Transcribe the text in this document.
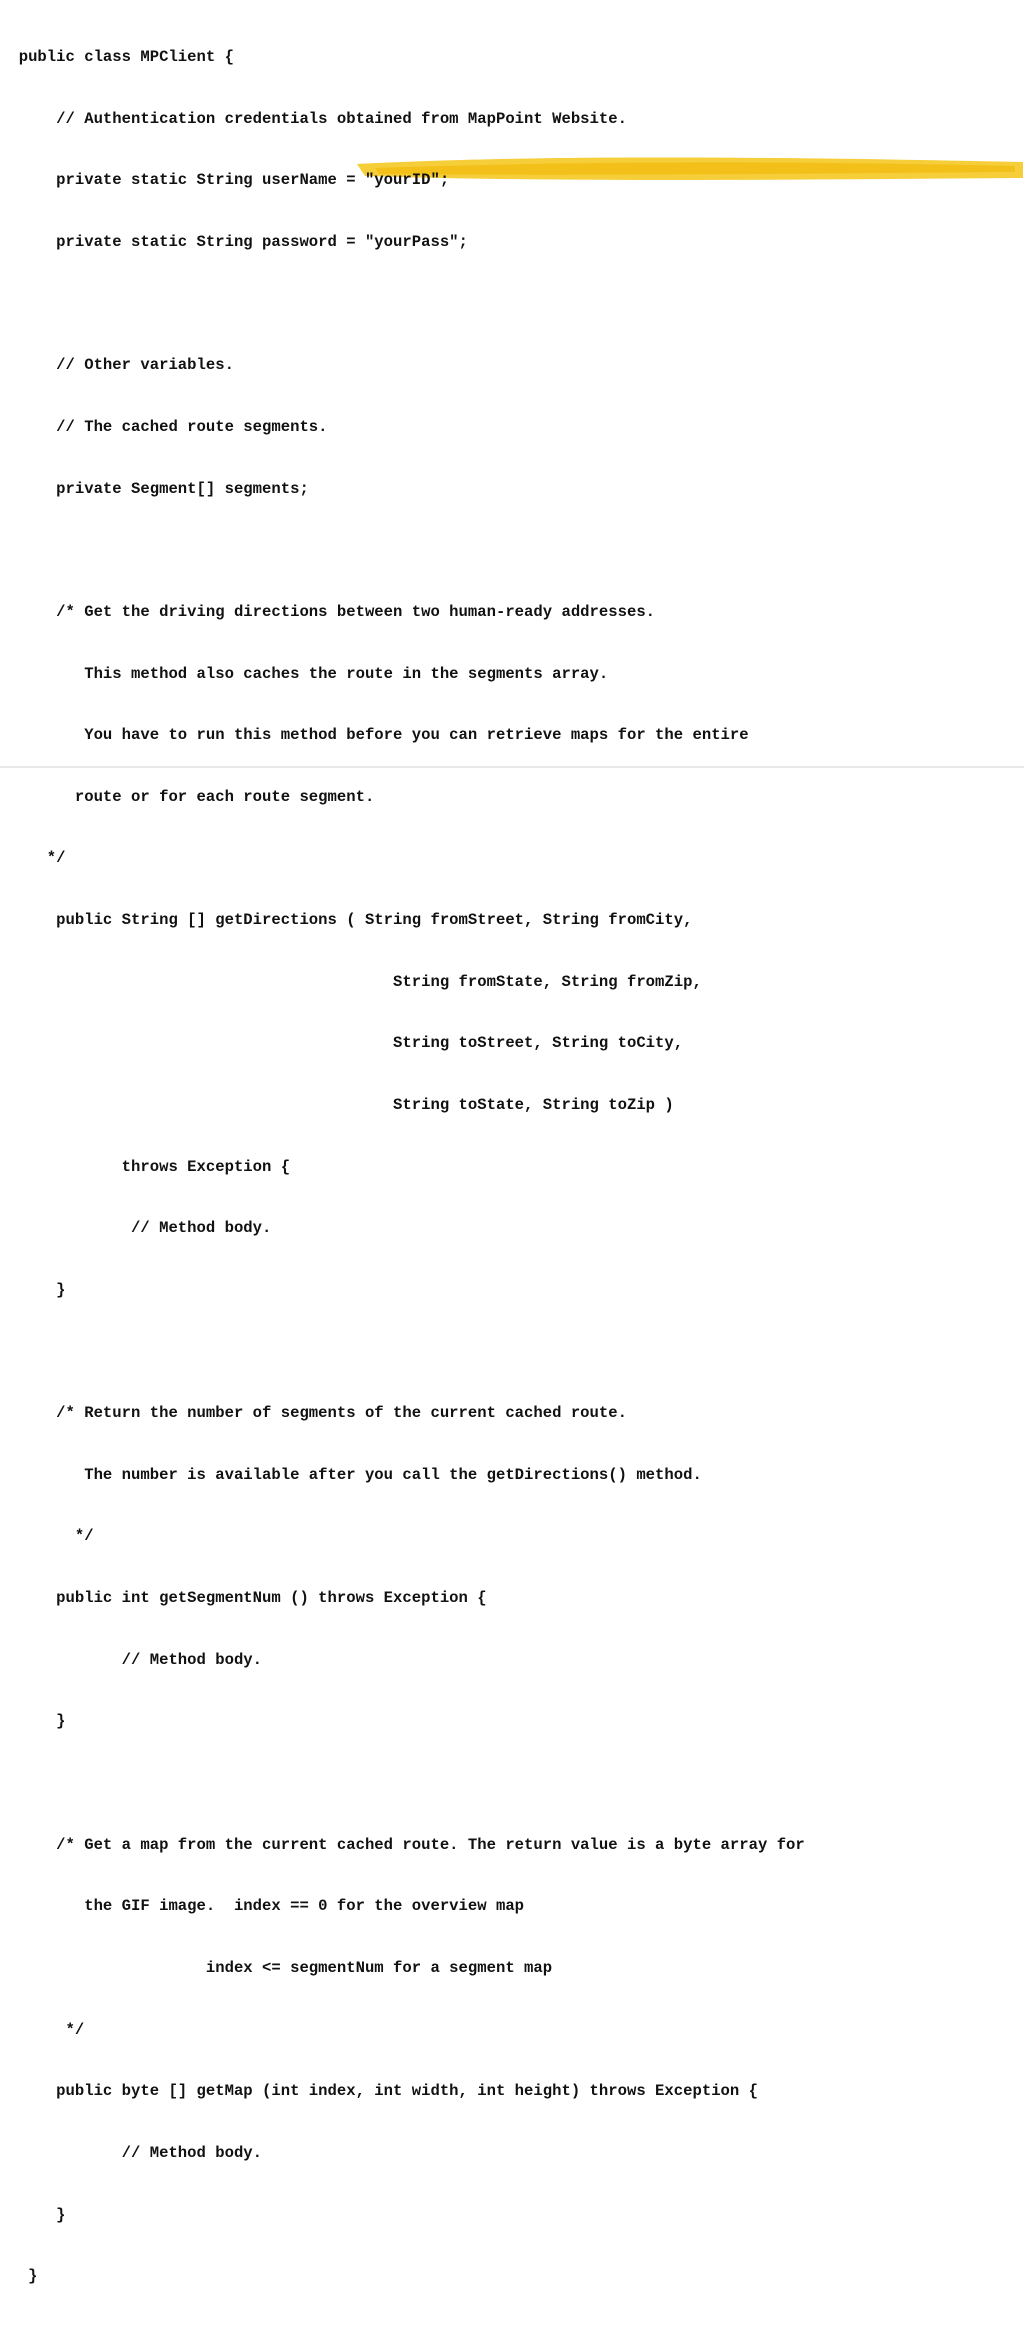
public class MPClient {

// Authentication credentials obtained from MapPoint Website.

private static String userName = "yourID";

private static String password = "yourPass";

// Other variables.

// The cached route segments.

private Segment[] segments;

/* Get the driving directions between two human-ready addresses.

This method also caches the route in the segments array.

You have to run this method before you can retrieve maps for the entire

route or for each route segment.

*/

public String [] getDirections ( String fromStreet, String fromCity,

String fromState, String fromZip,

String toStreet, String toCity,

String toState, String toZip )

throws Exception {

// Method body.

}

/* Return the number of segments of the current cached route.

The number is available after you call the getDirections() method.

*/

public int getSegmentNum () throws Exception {

// Method body.

}

/* Get a map from the current cached route. The return value is a byte array for

the GIF image.  index == 0 for the overview map

index <= segmentNum for a segment map

*/

public byte [] getMap (int index, int width, int height) throws Exception {

// Method body.

}

}
